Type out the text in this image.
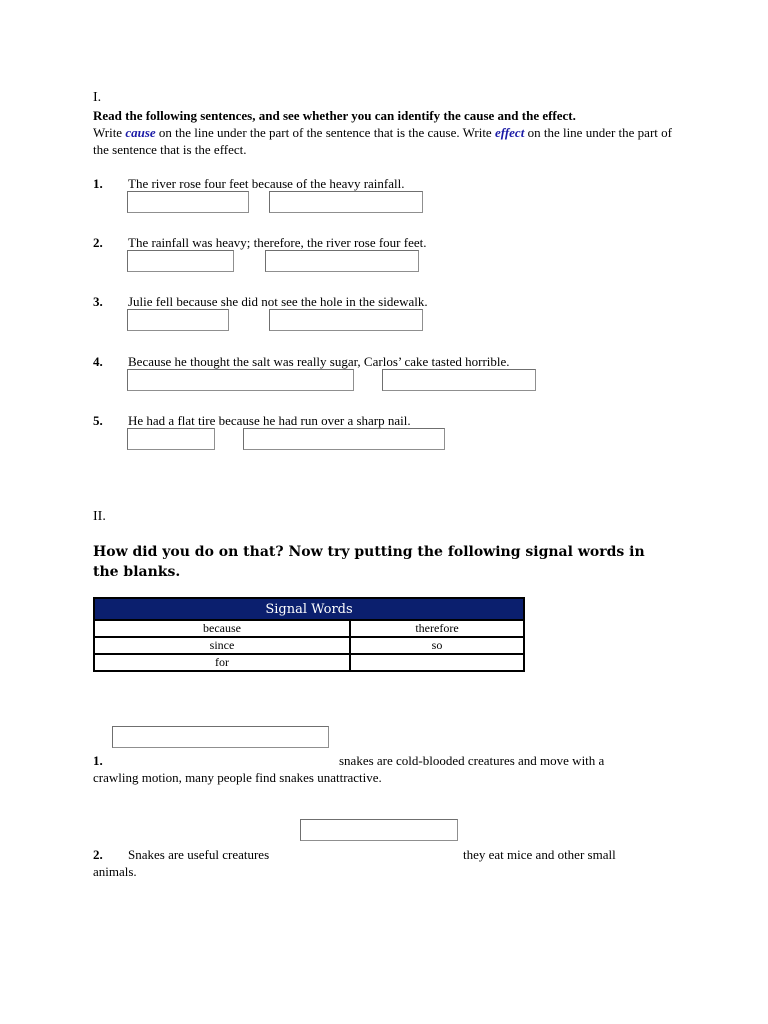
I.
Read the following sentences, and see whether you can identify the cause and the effect.
Write cause on the line under the part of the sentence that is the cause. Write effect on the line under the part of the sentence that is the effect.
1. The river rose four feet because of the heavy rainfall.
2. The rainfall was heavy; therefore, the river rose four feet.
3. Julie fell because she did not see the hole in the sidewalk.
4. Because he thought the salt was really sugar, Carlos’ cake tasted horrible.
5. He had a flat tire because he had run over a sharp nail.
II.
How did you do on that? Now try putting the following signal words in the blanks.
Signal Words	
because	therefore
since	so
for	
1.	snakes are cold-blooded creatures and move with a
crawling motion, many people find snakes unattractive.
2. Snakes are useful creatures	they eat mice and other small
animals.
